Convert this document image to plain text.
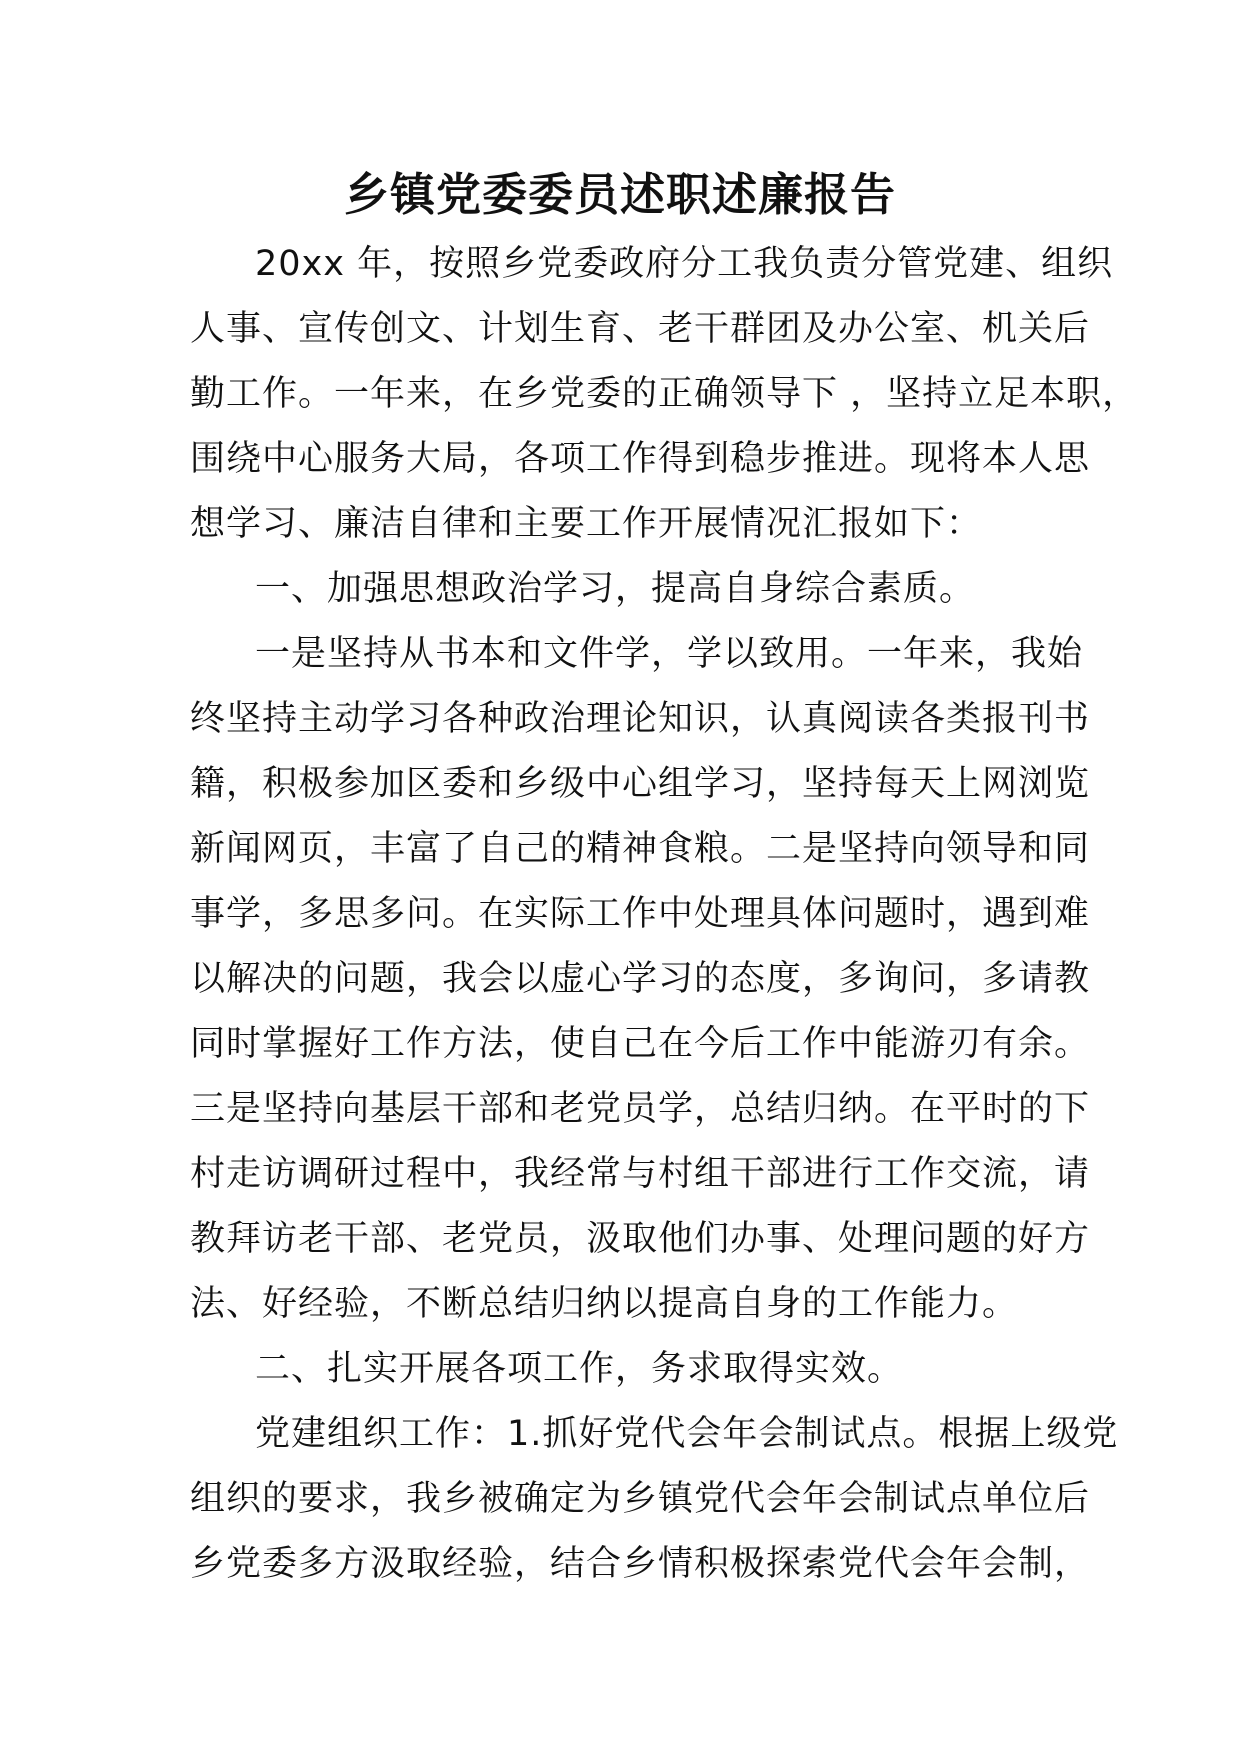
乡镇党委委员述职述廉报告
20xx 年，按照乡党委政府分工我负责分管党建、组织
人事、宣传创文、计划生育、老干群团及办公室、机关后
勤工作。一年来，在乡党委的正确领导下 ，坚持立足本职，
围绕中心服务大局，各项工作得到稳步推进。现将本人思
想学习、廉洁自律和主要工作开展情况汇报如下：
一、加强思想政治学习，提高自身综合素质。
一是坚持从书本和文件学，学以致用。一年来，我始
终坚持主动学习各种政治理论知识，认真阅读各类报刊书
籍，积极参加区委和乡级中心组学习，坚持每天上网浏览
新闻网页，丰富了自己的精神食粮。二是坚持向领导和同
事学，多思多问。在实际工作中处理具体问题时，遇到难
以解决的问题，我会以虚心学习的态度，多询问，多请教
同时掌握好工作方法，使自己在今后工作中能游刃有余。
三是坚持向基层干部和老党员学，总结归纳。在平时的下
村走访调研过程中，我经常与村组干部进行工作交流，请
教拜访老干部、老党员，汲取他们办事、处理问题的好方
法、好经验，不断总结归纳以提高自身的工作能力。
二、扎实开展各项工作，务求取得实效。
党建组织工作：1.抓好党代会年会制试点。根据上级党
组织的要求，我乡被确定为乡镇党代会年会制试点单位后
乡党委多方汲取经验，结合乡情积极探索党代会年会制，
